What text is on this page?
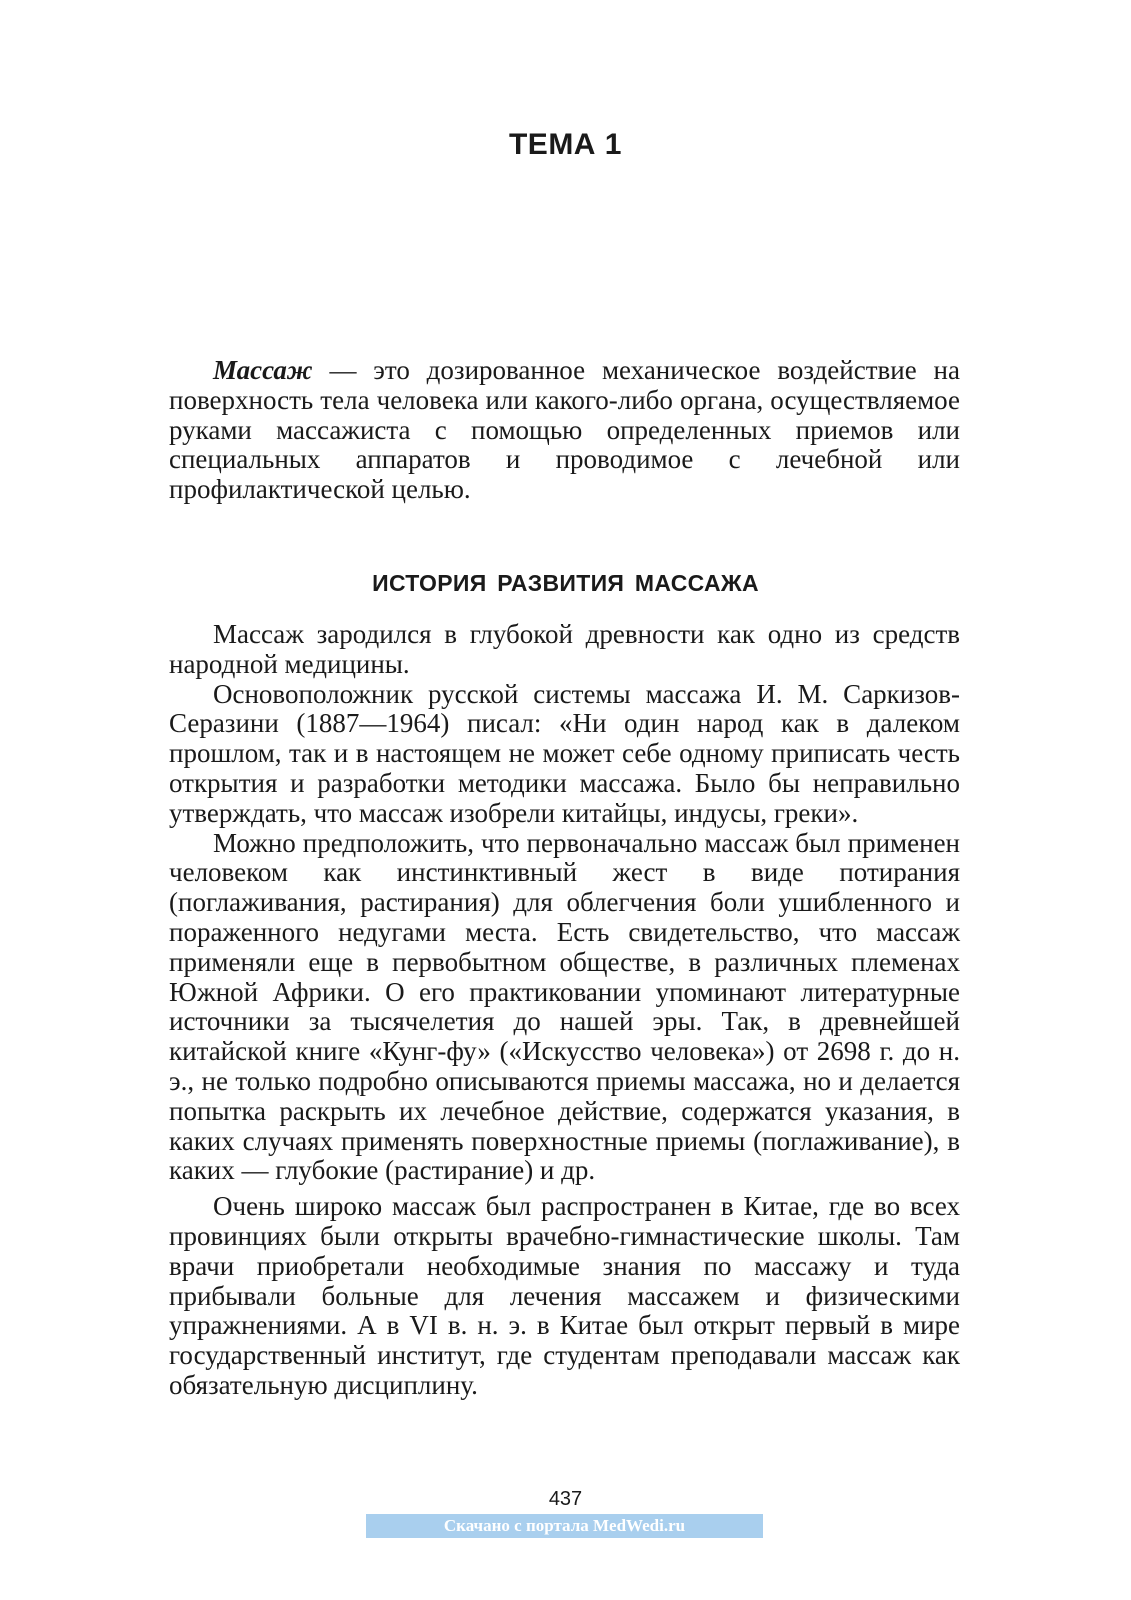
ТЕМА 1

Массаж — это дозированное механическое воздействие на поверхность тела человека или какого-либо органа, осуществляемое руками массажиста с помощью определенных приемов или специальных аппаратов и проводимое с лечебной или профилактической целью.

ИСТОРИЯ РАЗВИТИЯ МАССАЖА

Массаж зародился в глубокой древности как одно из средств народной медицины.

Основоположник русской системы массажа И. М. Саркизов-Серазини (1887—1964) писал: «Ни один народ как в далеком прошлом, так и в настоящем не может себе одному приписать честь открытия и разработки методики массажа. Было бы неправильно утверждать, что массаж изобрели китайцы, индусы, греки».

Можно предположить, что первоначально массаж был применен человеком как инстинктивный жест в виде потирания (поглаживания, растирания) для облегчения боли ушибленного и пораженного недугами места. Есть свидетельство, что массаж применяли еще в первобытном обществе, в различных племенах Южной Африки. О его практиковании упоминают литературные источники за тысячелетия до нашей эры. Так, в древнейшей китайской книге «Кунг-фу» («Искусство человека») от 2698 г. до н. э., не только подробно описываются приемы массажа, но и делается попытка раскрыть их лечебное действие, содержатся указания, в каких случаях применять поверхностные приемы (поглаживание), в каких — глубокие (растирание) и др.

Очень широко массаж был распространен в Китае, где во всех провинциях были открыты врачебно-гимнастические школы. Там врачи приобретали необходимые знания по массажу и туда прибывали больные для лечения массажем и физическими упражнениями. А в VI в. н. э. в Китае был открыт первый в мире государственный институт, где студентам преподавали массаж как обязательную дисциплину.

437
Скачано с портала MedWedi.ru
